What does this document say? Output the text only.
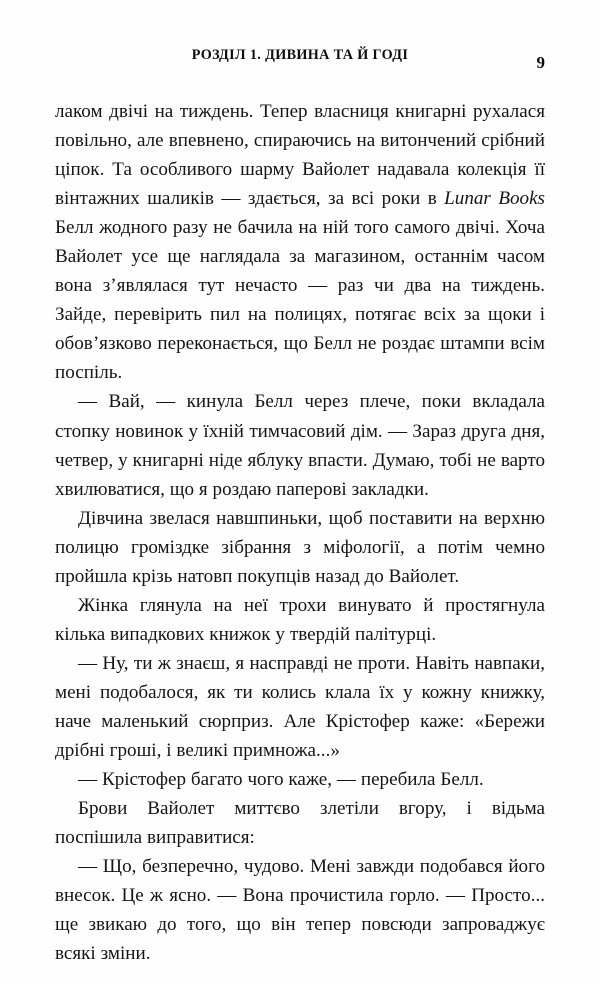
РОЗДІЛ 1. ДИВИНА ТА Й ГОДІ	9

лаком двічі на тиждень. Тепер власниця книгарні рухалася повільно, але впевнено, спираючись на витончений срібний ціпок. Та особливого шарму Вайолет надавала колекція її вінтажних шаликів — здається, за всі роки в Lunar Books Белл жодного разу не бачила на ній того самого двічі. Хоча Вайолет усе ще наглядала за магазином, останнім часом вона з’являлася тут нечасто — раз чи два на тиждень. Зайде, перевірить пил на полицях, потягає всіх за щоки і обов’язково переконається, що Белл не роздає штампи всім поспіль.

— Вай, — кинула Белл через плече, поки вкладала стопку новинок у їхній тимчасовий дім. — Зараз друга дня, четвер, у книгарні ніде яблуку впасти. Думаю, тобі не варто хвилюватися, що я роздаю паперові закладки.

Дівчина звелася навшпиньки, щоб поставити на верхню полицю громіздке зібрання з міфології, а потім чемно пройшла крізь натовп покупців назад до Вайолет.

Жінка глянула на неї трохи винувато й простягнула кілька випадкових книжок у твердій палітурці.

— Ну, ти ж знаєш, я насправді не проти. Навіть навпаки, мені подобалося, як ти колись клала їх у кожну книжку, наче маленький сюрприз. Але Крістофер каже: «Бережи дрібні гроші, і великі примножа...»

— Крістофер багато чого каже, — перебила Белл.

Брови Вайолет миттєво злетіли вгору, і відьма поспішила виправитися:

— Що, безперечно, чудово. Мені завжди подобався його внесок. Це ж ясно. — Вона прочистила горло. — Просто... ще звикаю до того, що він тепер повсюди запроваджує всякі зміни.
